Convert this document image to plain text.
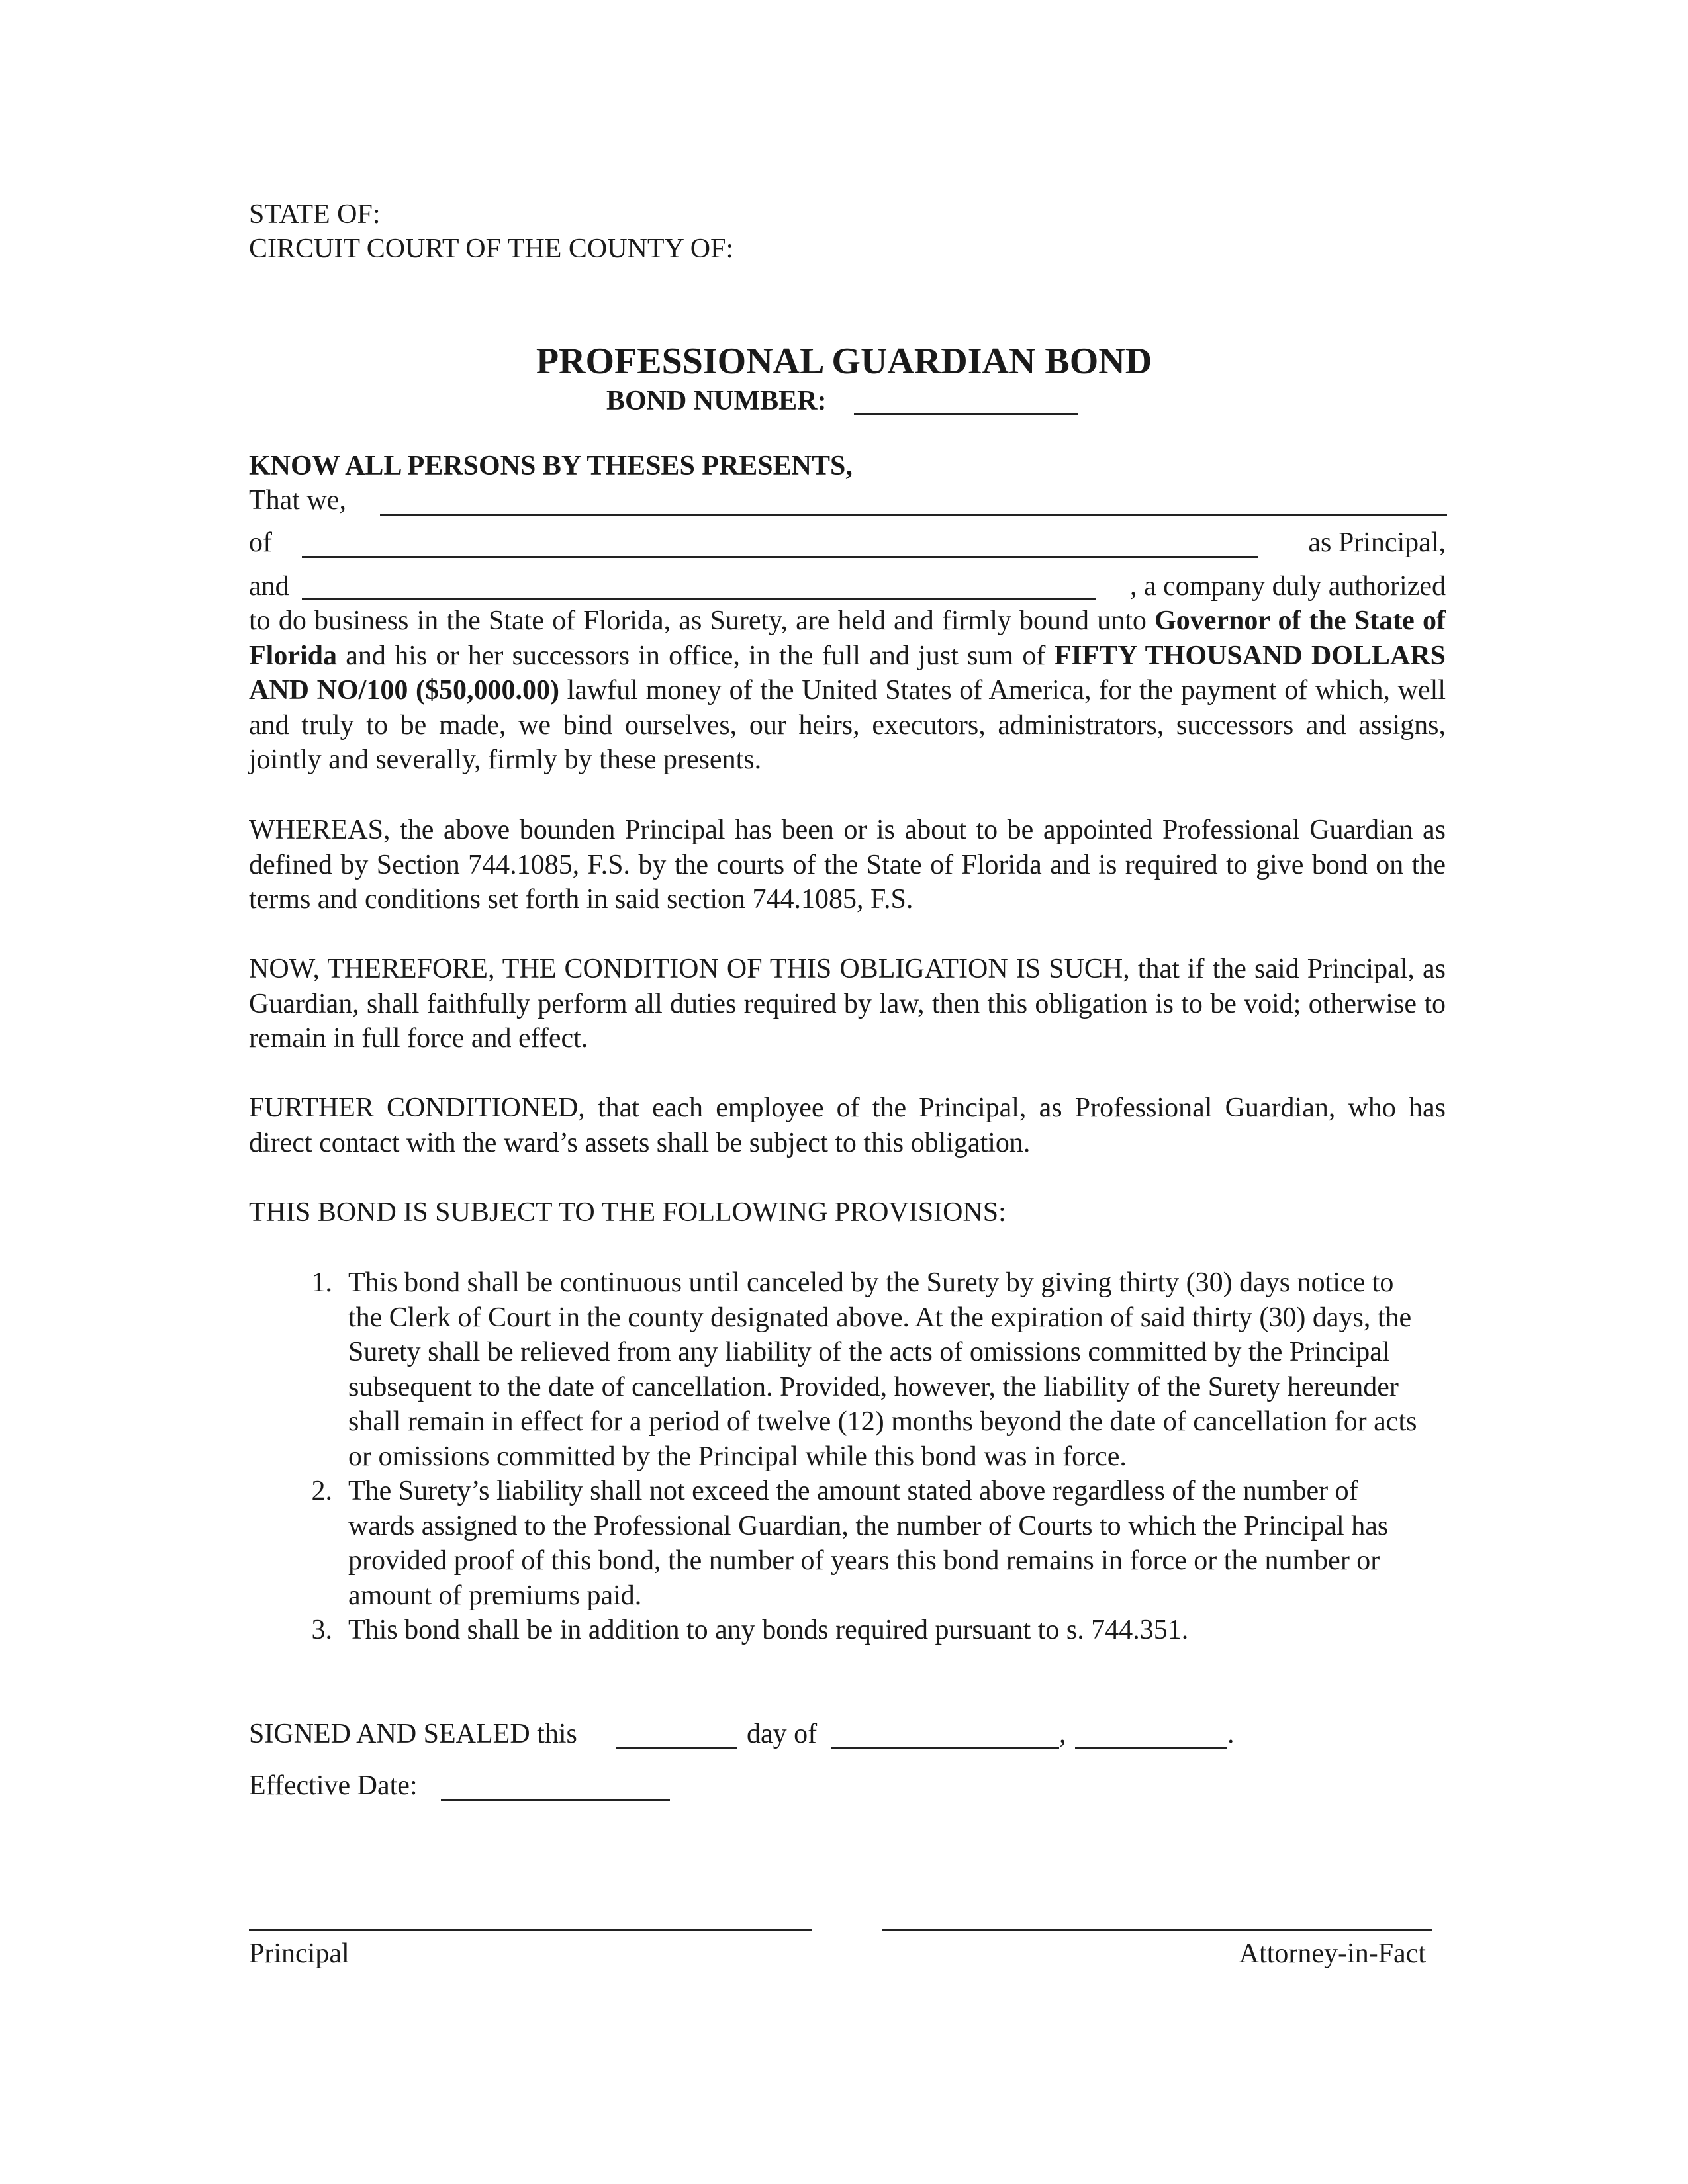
STATE OF:
CIRCUIT COURT OF THE COUNTY OF:
PROFESSIONAL GUARDIAN BOND
BOND NUMBER:
KNOW ALL PERSONS BY THESES PRESENTS,
That we,
of	as Principal,
and	, a company duly authorized
to do business in the State of Florida, as Surety, are held and firmly bound unto Governor of the State of Florida and his or her successors in office, in the full and just sum of FIFTY THOUSAND DOLLARS AND NO/100 ($50,000.00) lawful money of the United States of America, for the payment of which, well and truly to be made, we bind ourselves, our heirs, executors, administrators, successors and assigns, jointly and severally, firmly by these presents.
WHEREAS, the above bounden Principal has been or is about to be appointed Professional Guardian as defined by Section 744.1085, F.S. by the courts of the State of Florida and is required to give bond on the terms and conditions set forth in said section 744.1085, F.S.
NOW, THEREFORE, THE CONDITION OF THIS OBLIGATION IS SUCH, that if the said Principal, as Guardian, shall faithfully perform all duties required by law, then this obligation is to be void; otherwise to remain in full force and effect.
FURTHER CONDITIONED, that each employee of the Principal, as Professional Guardian, who has direct contact with the ward’s assets shall be subject to this obligation.
THIS BOND IS SUBJECT TO THE FOLLOWING PROVISIONS:
1. This bond shall be continuous until canceled by the Surety by giving thirty (30) days notice to the Clerk of Court in the county designated above. At the expiration of said thirty (30) days, the Surety shall be relieved from any liability of the acts of omissions committed by the Principal subsequent to the date of cancellation. Provided, however, the liability of the Surety hereunder shall remain in effect for a period of twelve (12) months beyond the date of cancellation for acts or omissions committed by the Principal while this bond was in force.
2. The Surety’s liability shall not exceed the amount stated above regardless of the number of wards assigned to the Professional Guardian, the number of Courts to which the Principal has provided proof of this bond, the number of years this bond remains in force or the number or amount of premiums paid.
3. This bond shall be in addition to any bonds required pursuant to s. 744.351.
SIGNED AND SEALED this	day of	,	.
Effective Date:
Principal	Attorney-in-Fact
